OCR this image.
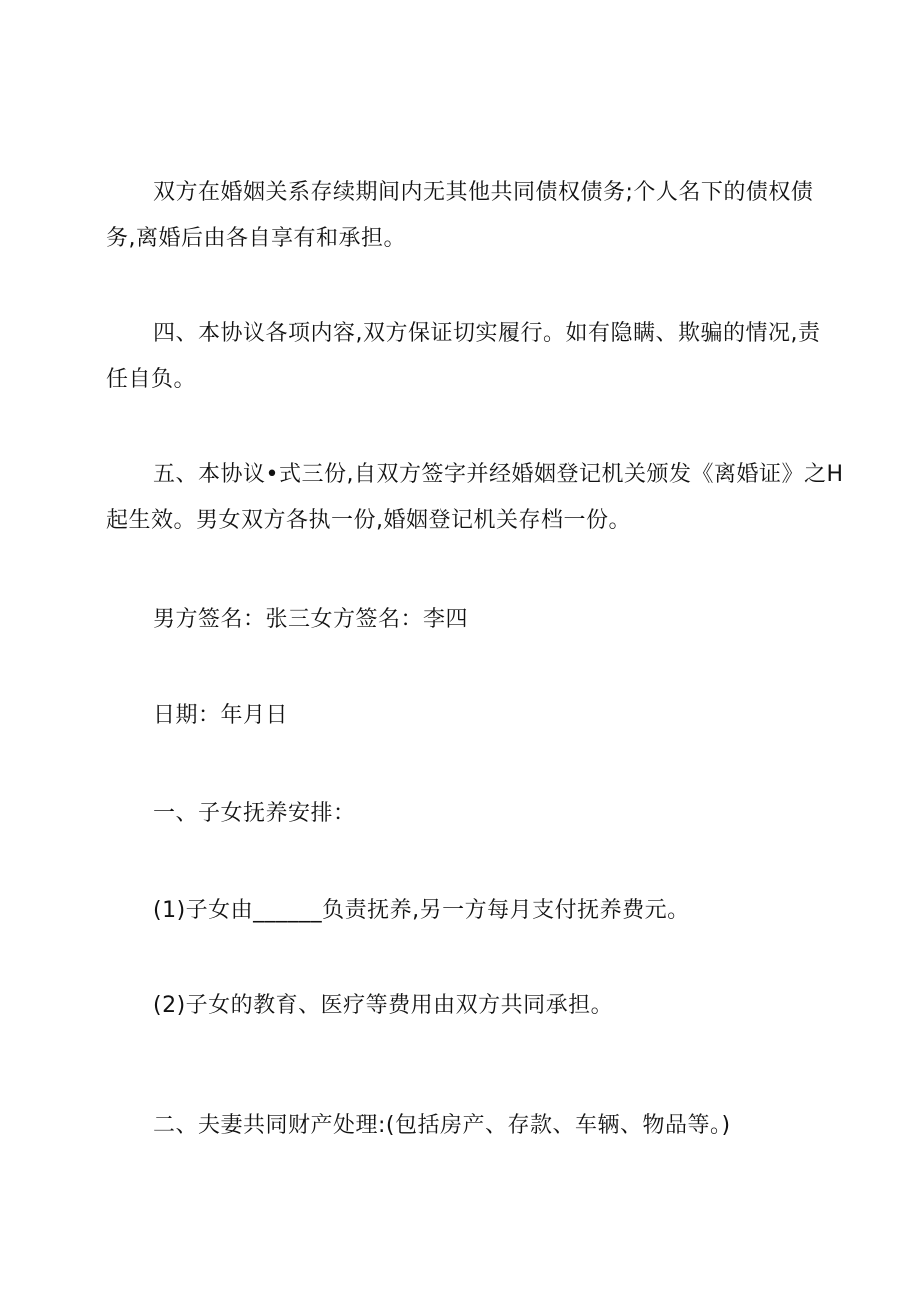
双方在婚姻关系存续期间内无其他共同债权债务;个人名下的债权债
务,离婚后由各自享有和承担。

四、本协议各项内容,双方保证切实履行。如有隐瞒、欺骗的情况,责
任自负。

五、本协议•式三份,自双方签字并经婚姻登记机关颁发《离婚证》之H
起生效。男女双方各执一份,婚姻登记机关存档一份。

男方签名：张三女方签名：李四

日期：年月日

一、子女抚养安排：

(1)子女由______负责抚养,另一方每月支付抚养费元。

(2)子女的教育、医疗等费用由双方共同承担。

二、夫妻共同财产处理:(包括房产、存款、车辆、物品等。)
